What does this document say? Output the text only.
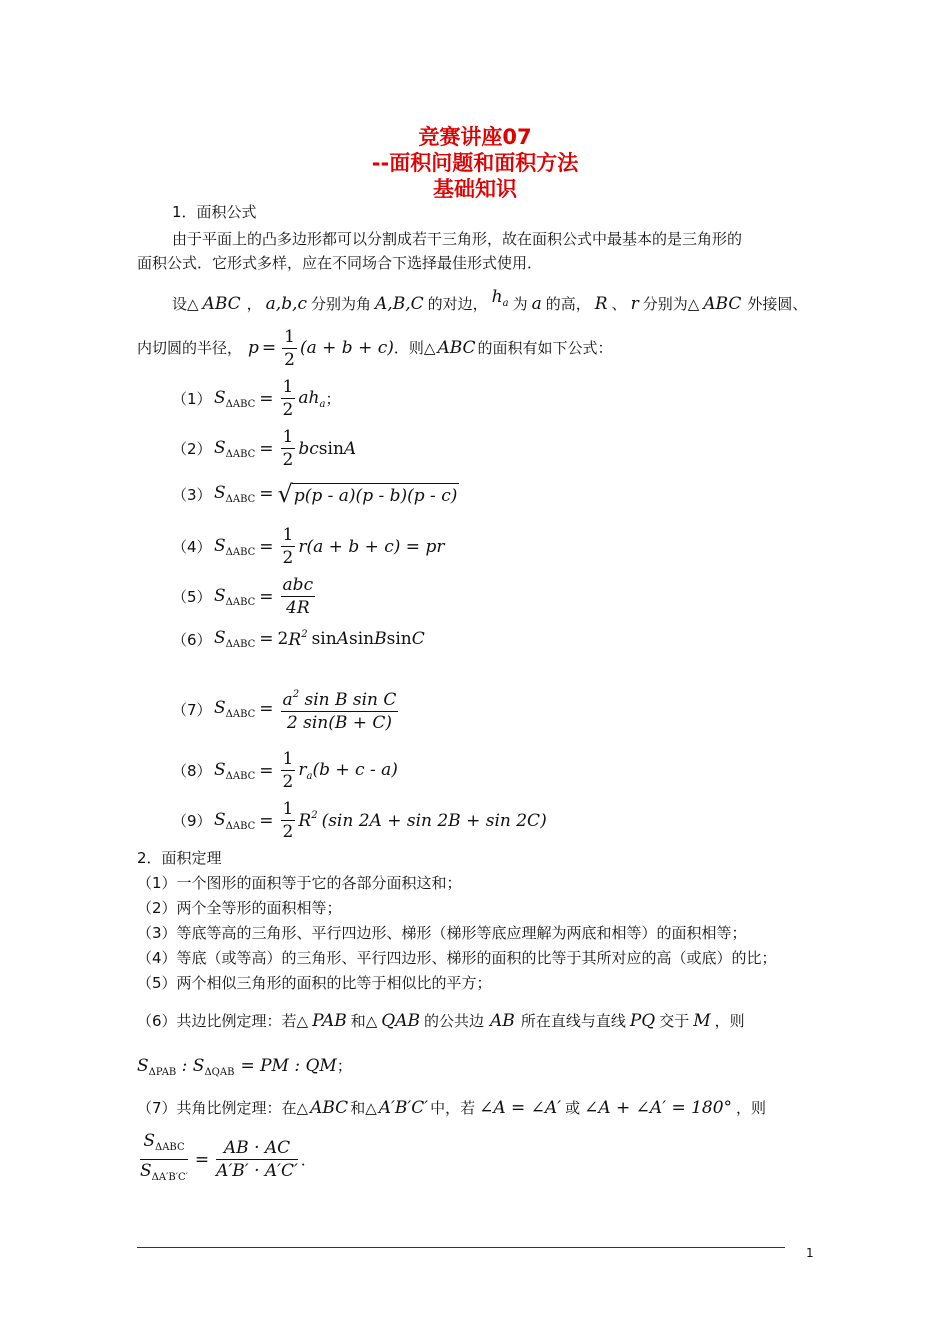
竞赛讲座07
--面积问题和面积方法
基础知识
1．面积公式
由于平面上的凸多边形都可以分割成若干三角形，故在面积公式中最基本的是三角形的
面积公式．它形式多样，应在不同场合下选择最佳形式使用．
设△ ABC ， a,b,c 分别为角 A,B,C 的对边， $h_a$ 为 a 的高， R 、 r 分别为△ ABC 外接圆、
内切圆的半径， $p = \frac{1}{2} (a + b + c)$ ．则△ ABC 的面积有如下公式：
（1） $S_{\Delta ABC} = \frac{1}{2} ah_a$ ；
（2） $S_{\Delta ABC} = \frac{1}{2}$ bc sin A
（3） $S_{\Delta ABC}$ = √ p(p - a)(p - b)(p - c)
（4） $S_{\Delta ABC} = \frac{1}{2} r(a + b + c)$ = pr
（5） $S_{\Delta ABC} = \frac{\text{abc}}{4R}$
（6） $S_{\Delta ABC} = 2$ $R^2$ sin A sin B sin C
（7） $S_{\Delta ABC} = \frac{a^2 \sin B \sin C}{2 \sin(B + C)}$
（8） $S_{\Delta ABC} = \frac{1}{2} r_a(b + c - a)$
（9） $S_{\Delta ABC} = \frac{1}{2} R^2$ (sin 2A + sin 2B + sin 2C)
2．面积定理
（1）一个图形的面积等于它的各部分面积这和；
（2）两个全等形的面积相等；
（3）等底等高的三角形、平行四边形、梯形（梯形等底应理解为两底和相等）的面积相等；
（4）等底（或等高）的三角形、平行四边形、梯形的面积的比等于其所对应的高（或底）的比；
（5）两个相似三角形的面积的比等于相似比的平方；
（6）共边比例定理：若△ PAB 和△ QAB 的公共边 AB 所在直线与直线 PQ 交于 M ，则
$S_{\Delta PAB}$ : $S_{\Delta QAB}$ = PM : QM；
（7）共角比例定理：在△ ABC 和△ A′B′C′ 中，若 ∠A = ∠A′ 或 ∠A + ∠A′ = 180° ，则
$\frac{S_{\Delta ABC}}{S_{\Delta A'B'C'}} = \frac{AB \cdot AC}{A'B' \cdot A'C'}$ ．
1
